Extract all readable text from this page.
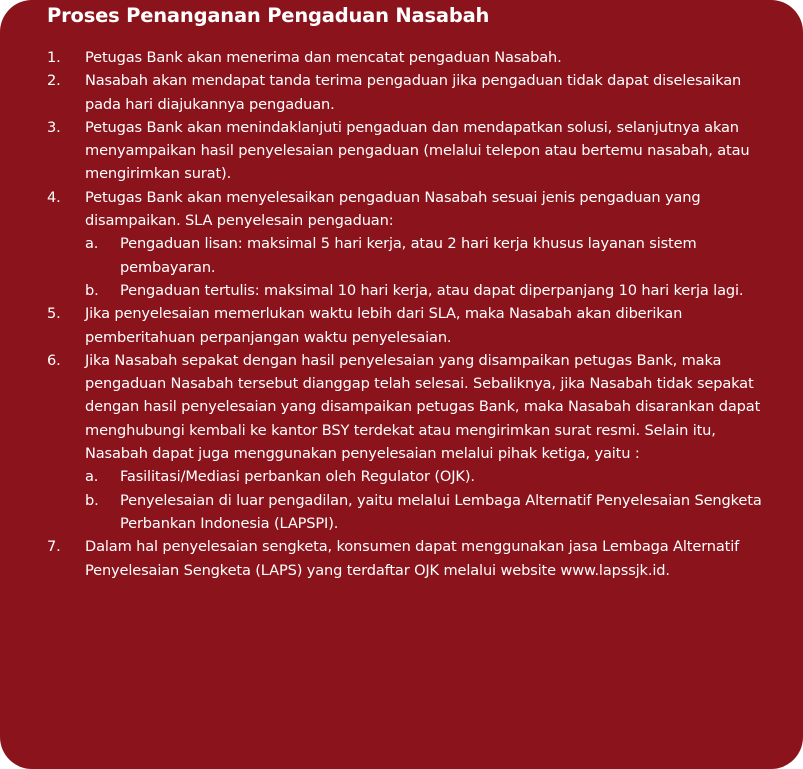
Proses Penanganan Pengaduan Nasabah
1. Petugas Bank akan menerima dan mencatat pengaduan Nasabah.
2. Nasabah akan mendapat tanda terima pengaduan jika pengaduan tidak dapat diselesaikan pada hari diajukannya pengaduan.
3. Petugas Bank akan menindaklanjuti pengaduan dan mendapatkan solusi, selanjutnya akan menyampaikan hasil penyelesaian pengaduan (melalui telepon atau bertemu nasabah, atau mengirimkan surat).
4. Petugas Bank akan menyelesaikan pengaduan Nasabah sesuai jenis pengaduan yang disampaikan. SLA penyelesain pengaduan:
a. Pengaduan lisan: maksimal 5 hari kerja, atau 2 hari kerja khusus layanan sistem pembayaran.
b. Pengaduan tertulis: maksimal 10 hari kerja, atau dapat diperpanjang 10 hari kerja lagi.
5. Jika penyelesaian memerlukan waktu lebih dari SLA, maka Nasabah akan diberikan pemberitahuan perpanjangan waktu penyelesaian.
6. Jika Nasabah sepakat dengan hasil penyelesaian yang disampaikan petugas Bank, maka pengaduan Nasabah tersebut dianggap telah selesai. Sebaliknya, jika Nasabah tidak sepakat dengan hasil penyelesaian yang disampaikan petugas Bank, maka Nasabah disarankan dapat menghubungi kembali ke kantor BSY terdekat atau mengirimkan surat resmi. Selain itu, Nasabah dapat juga menggunakan penyelesaian melalui pihak ketiga, yaitu :
a. Fasilitasi/Mediasi perbankan oleh Regulator (OJK).
b. Penyelesaian di luar pengadilan, yaitu melalui Lembaga Alternatif Penyelesaian Sengketa Perbankan Indonesia (LAPSPI).
7. Dalam hal penyelesaian sengketa, konsumen dapat menggunakan jasa Lembaga Alternatif Penyelesaian Sengketa (LAPS) yang terdaftar OJK melalui website www.lapssjk.id.
